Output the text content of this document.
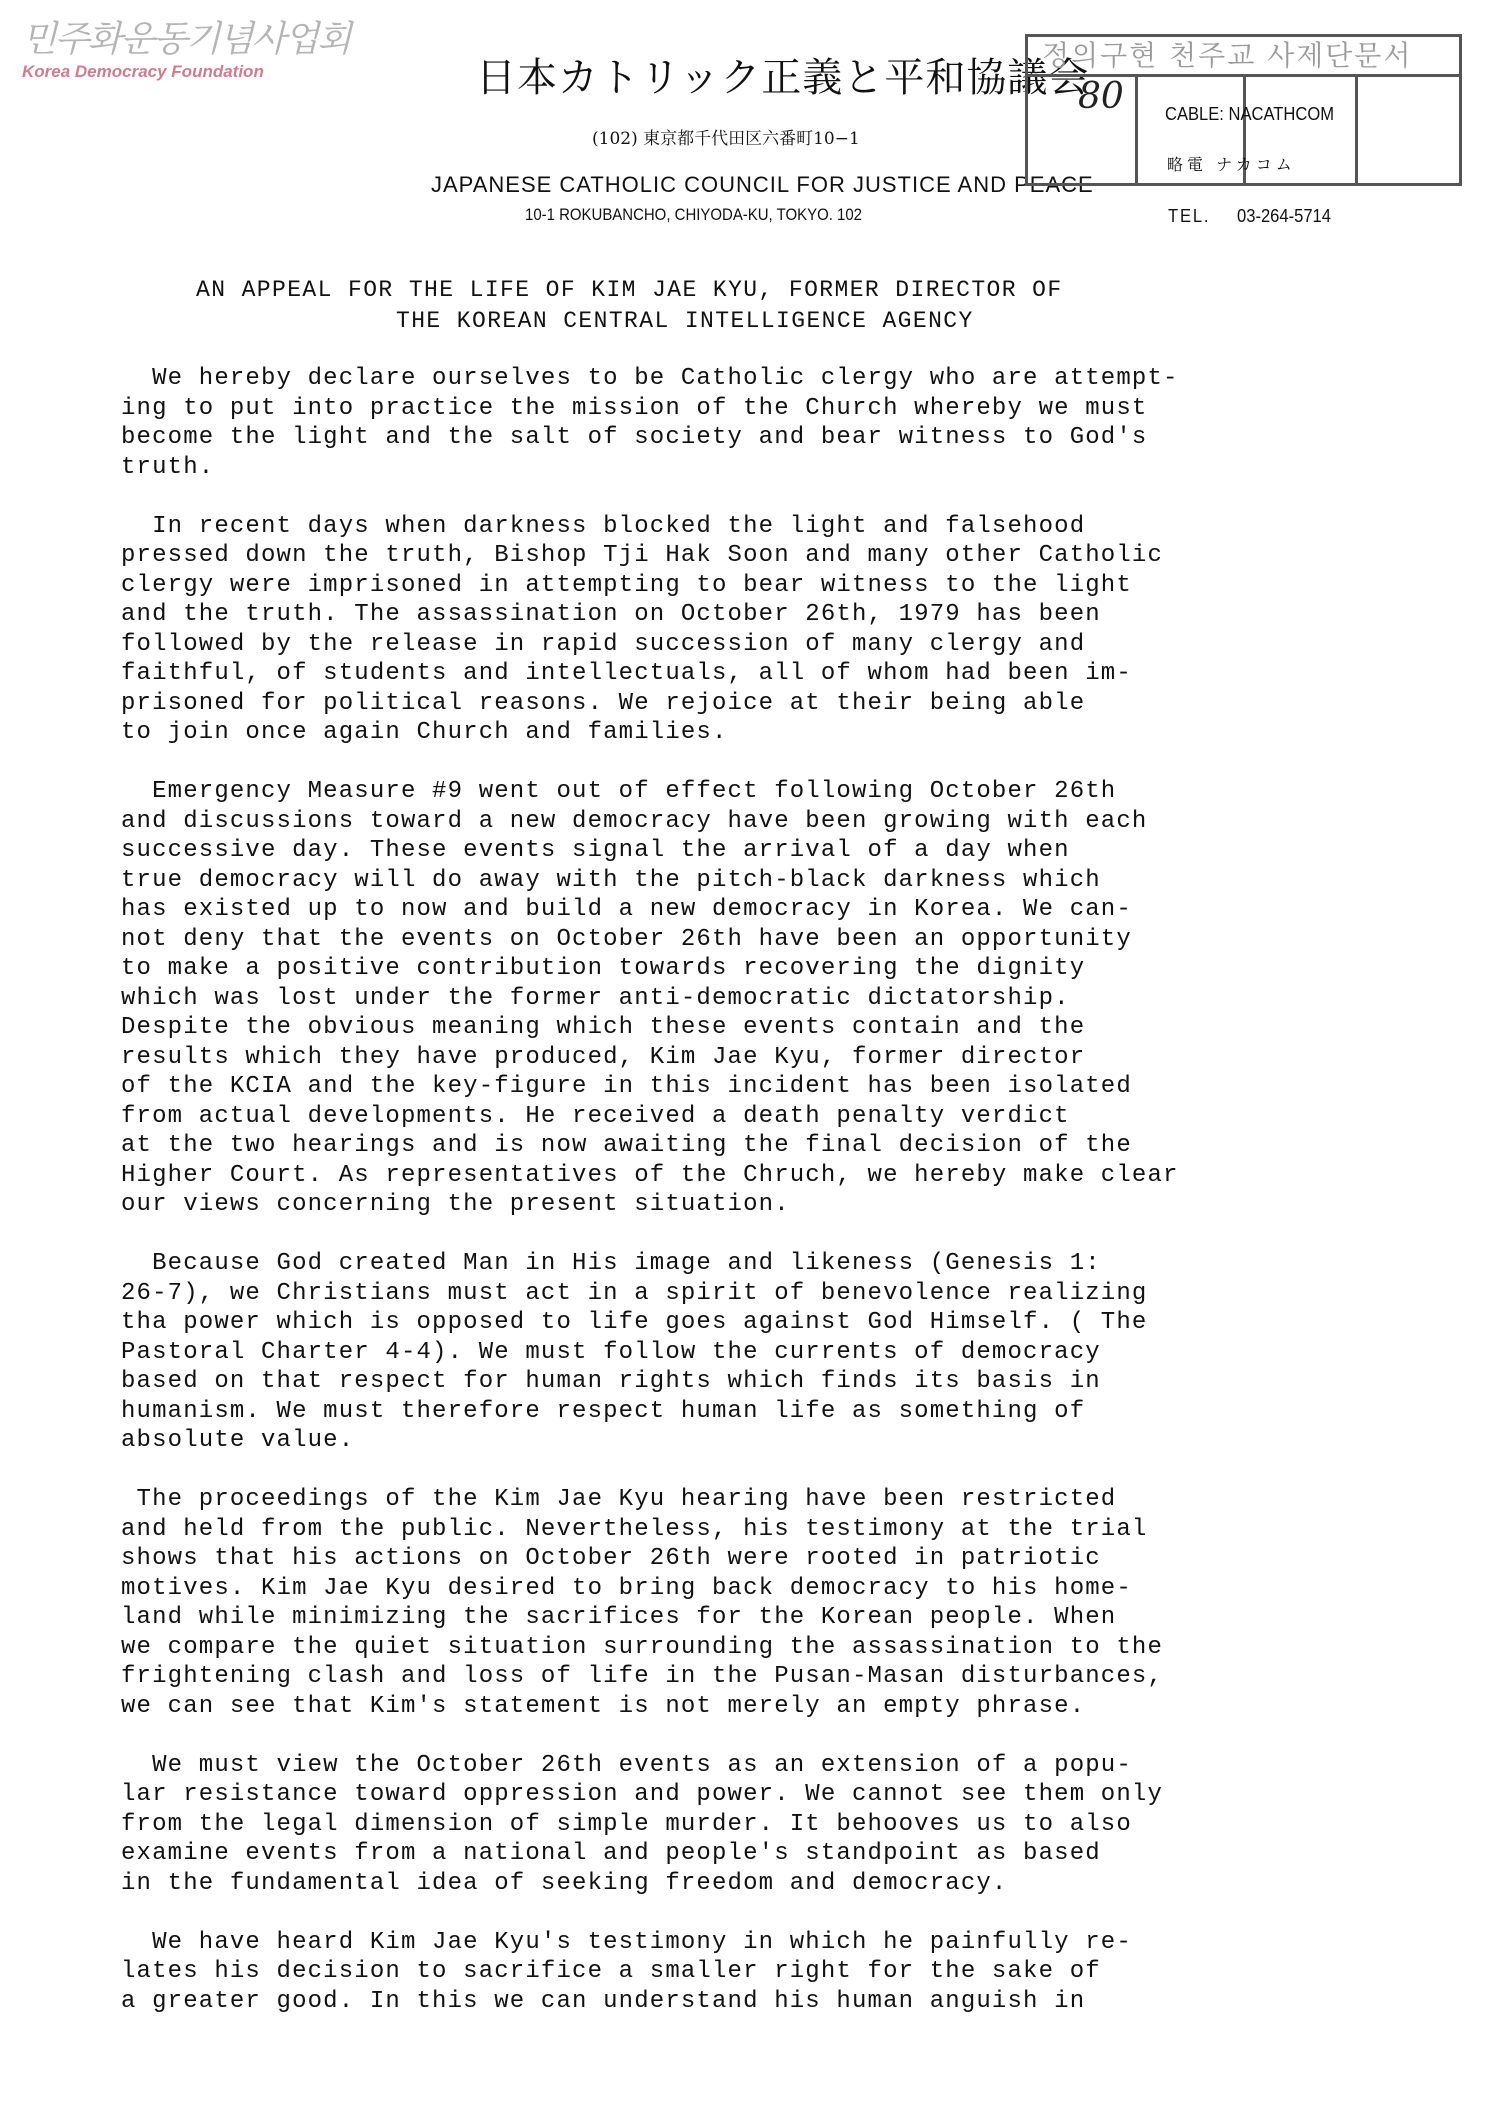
민주화운동기념사업회
Korea Democracy Foundation	日本カトリック正義と平和協議会
(102) 東京都千代田区六番町10−1
JAPANESE CATHOLIC COUNCIL FOR JUSTICE AND PEACE
10-1 ROKUBANCHO, CHIYODA-KU, TOKYO. 102
정의구현 천주교 사제단문서
80 CABLE: NACATHCOM
略電 ナカコム
TEL. 03-264-5714
AN APPEAL FOR THE LIFE OF KIM JAE KYU, FORMER DIRECTOR OF
THE KOREAN CENTRAL INTELLIGENCE AGENCY
We hereby declare ourselves to be Catholic clergy who are attempt-
ing to put into practice the mission of the Church whereby we must
become the light and the salt of society and bear witness to God's
truth.
In recent days when darkness blocked the light and falsehood
pressed down the truth, Bishop Tji Hak Soon and many other Catholic
clergy were imprisoned in attempting to bear witness to the light
and the truth. The assassination on October 26th, 1979 has been
followed by the release in rapid succession of many clergy and
faithful, of students and intellectuals, all of whom had been im-
prisoned for political reasons. We rejoice at their being able
to join once again Church and families.
Emergency Measure #9 went out of effect following October 26th
and discussions toward a new democracy have been growing with each
successive day. These events signal the arrival of a day when
true democracy will do away with the pitch-black darkness which
has existed up to now and build a new democracy in Korea. We can-
not deny that the events on October 26th have been an opportunity
to make a positive contribution towards recovering the dignity
which was lost under the former anti-democratic dictatorship.
Despite the obvious meaning which these events contain and the
results which they have produced, Kim Jae Kyu, former director
of the KCIA and the key-figure in this incident has been isolated
from actual developments. He received a death penalty verdict
at the two hearings and is now awaiting the final decision of the
Higher Court. As representatives of the Chruch, we hereby make clear
our views concerning the present situation.
Because God created Man in His image and likeness (Genesis 1:
26-7), we Christians must act in a spirit of benevolence realizing
tha power which is opposed to life goes against God Himself. ( The
Pastoral Charter 4-4). We must follow the currents of democracy
based on that respect for human rights which finds its basis in
humanism. We must therefore respect human life as something of
absolute value.
The proceedings of the Kim Jae Kyu hearing have been restricted
and held from the public. Nevertheless, his testimony at the trial
shows that his actions on October 26th were rooted in patriotic
motives. Kim Jae Kyu desired to bring back democracy to his home-
land while minimizing the sacrifices for the Korean people. When
we compare the quiet situation surrounding the assassination to the
frightening clash and loss of life in the Pusan-Masan disturbances,
we can see that Kim's statement is not merely an empty phrase.
We must view the October 26th events as an extension of a popu-
lar resistance toward oppression and power. We cannot see them only
from the legal dimension of simple murder. It behooves us to also
examine events from a national and people's standpoint as based
in the fundamental idea of seeking freedom and democracy.
We have heard Kim Jae Kyu's testimony in which he painfully re-
lates his decision to sacrifice a smaller right for the sake of
a greater good. In this we can understand his human anguish in
